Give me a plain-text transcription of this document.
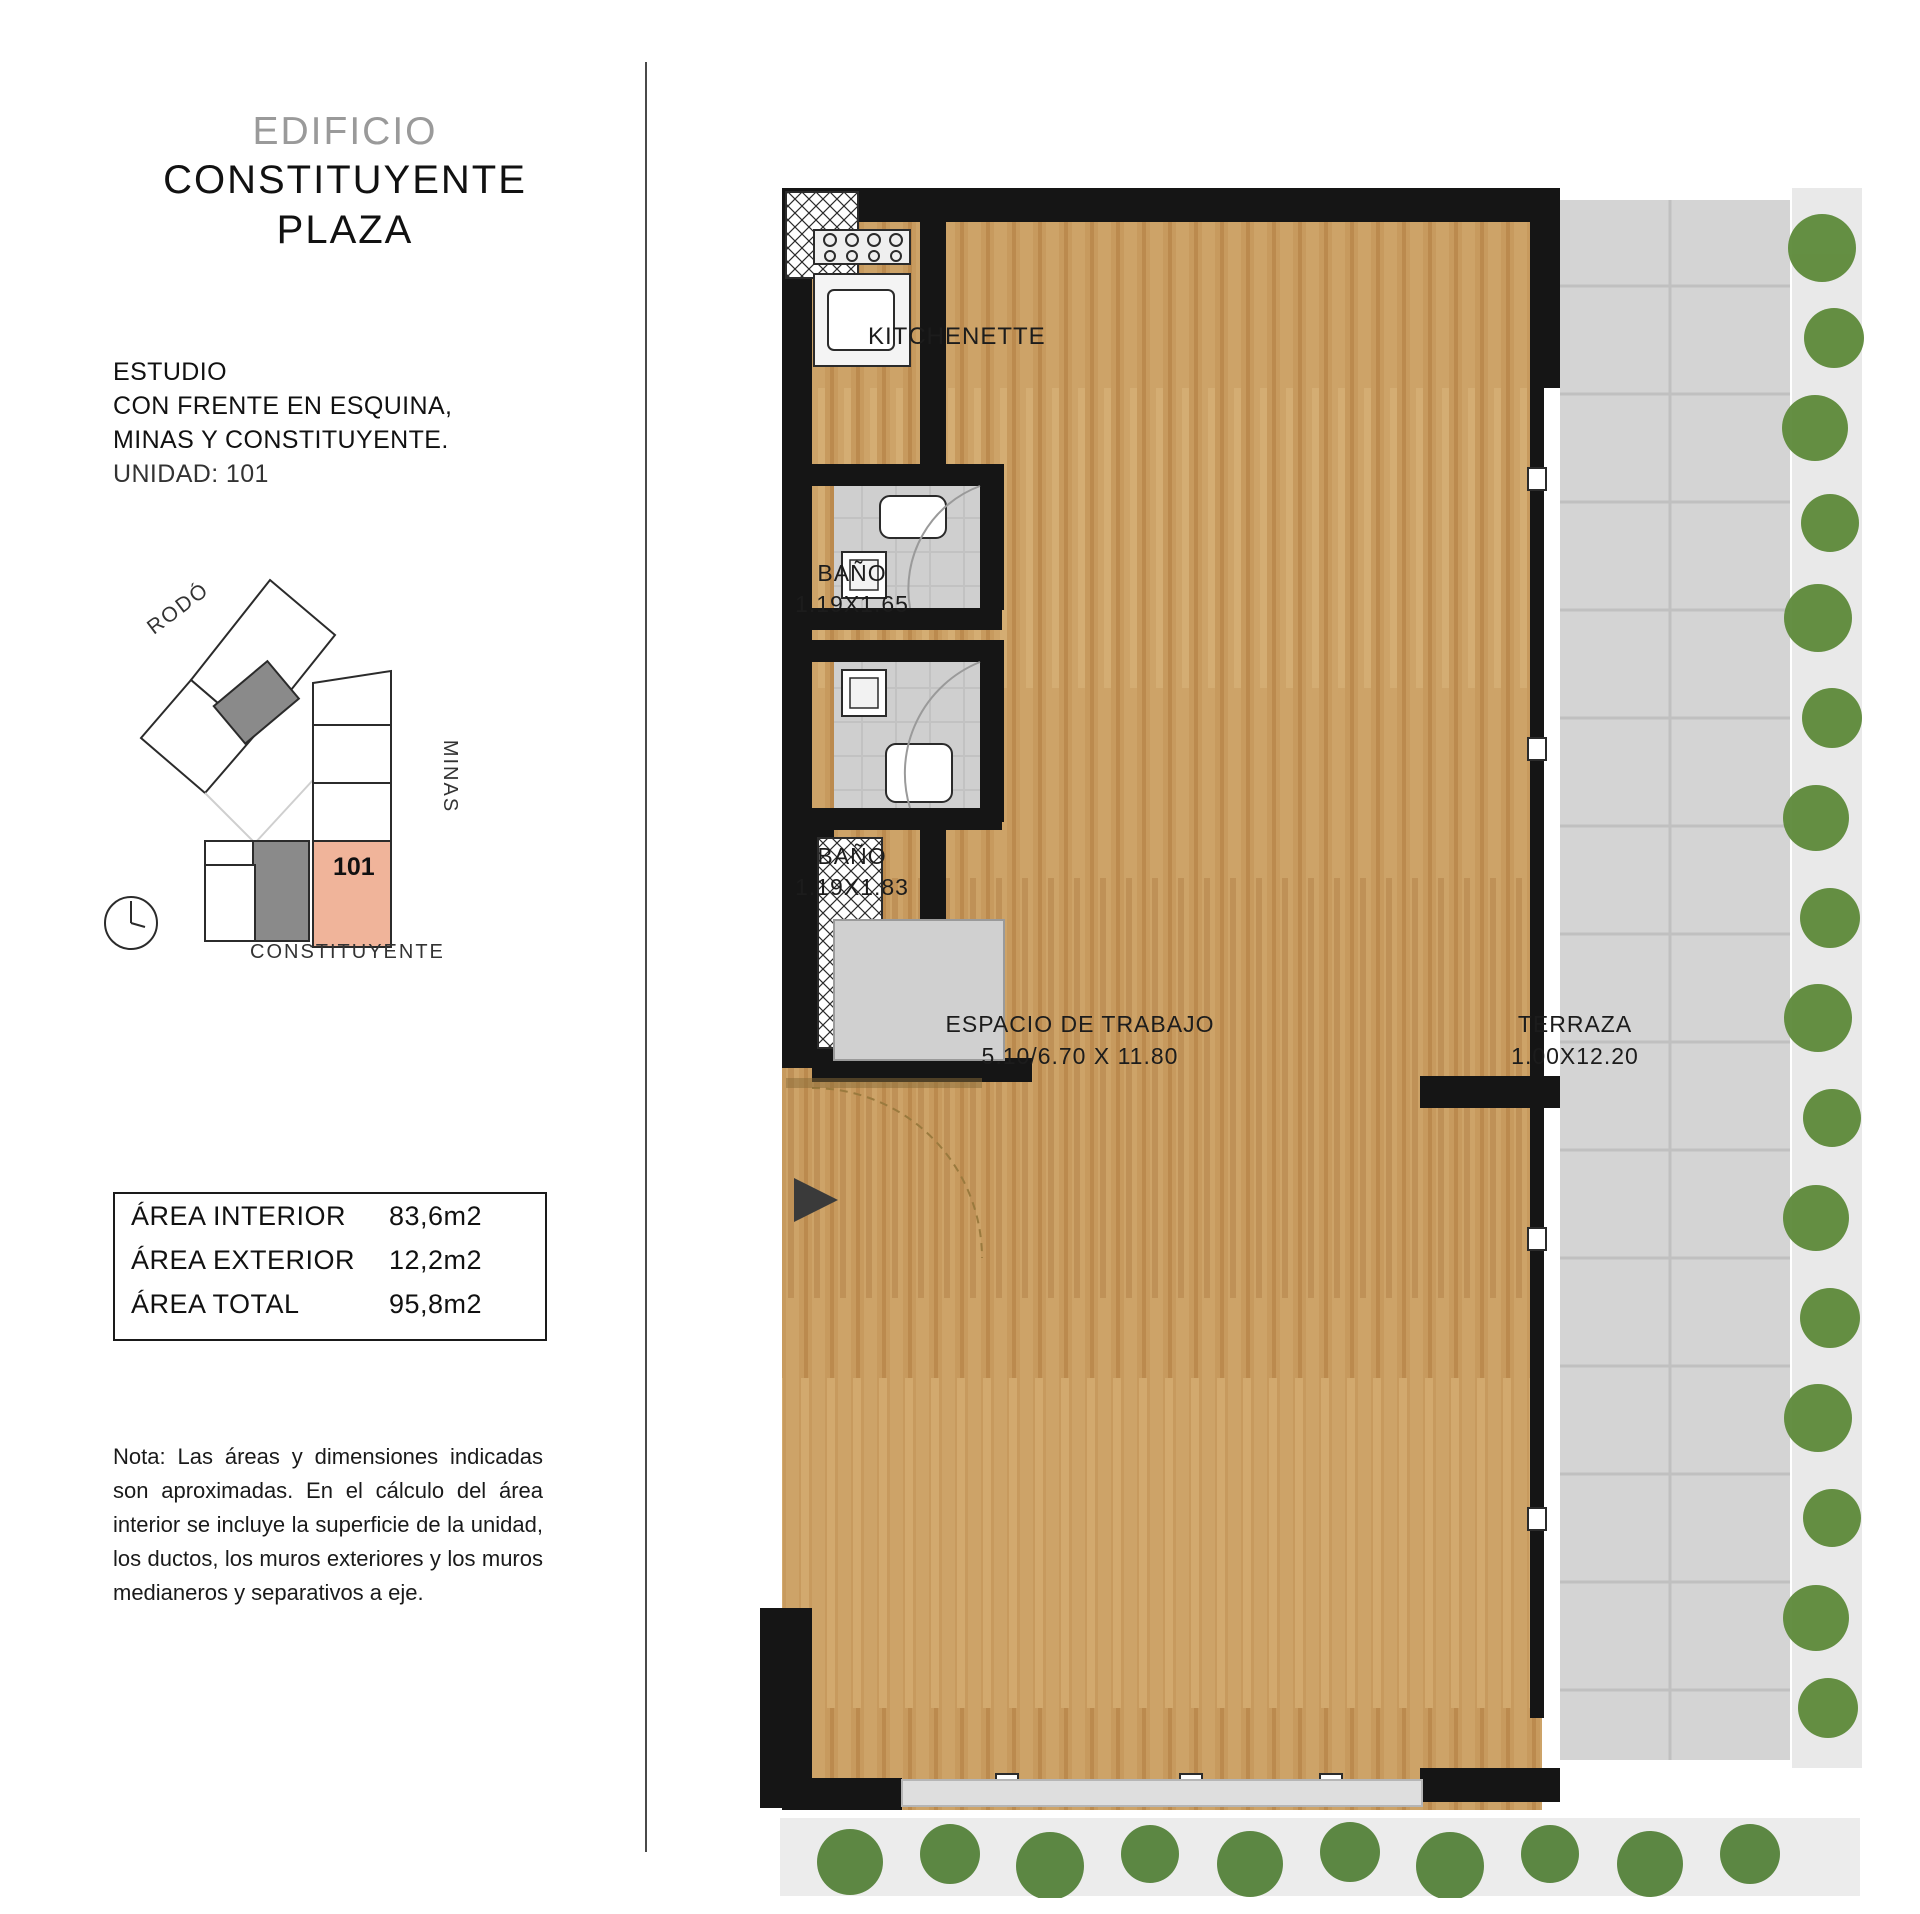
EDIFICIO
CONSTITUYENTE
PLAZA
ESTUDIO
CON FRENTE EN ESQUINA,
MINAS Y CONSTITUYENTE.
UNIDAD: 101
RODÓ
MINAS
CONSTITUYENTE
101
ÁREA INTERIOR	83,6m2
ÁREA EXTERIOR	12,2m2
ÁREA TOTAL	95,8m2
Nota: Las áreas y dimensiones indicadas son aproximadas. En el cálculo del área interior se incluye la superficie de la unidad, los ductos, los muros exteriores y los muros medianeros y separativos a eje.
KITCHENETTE
BAÑO
1.19X1.65
BAÑO
1.19X1.83
ESPACIO DE TRABAJO
5.10/6.70 X 11.80
TERRAZA
1.00X12.20
